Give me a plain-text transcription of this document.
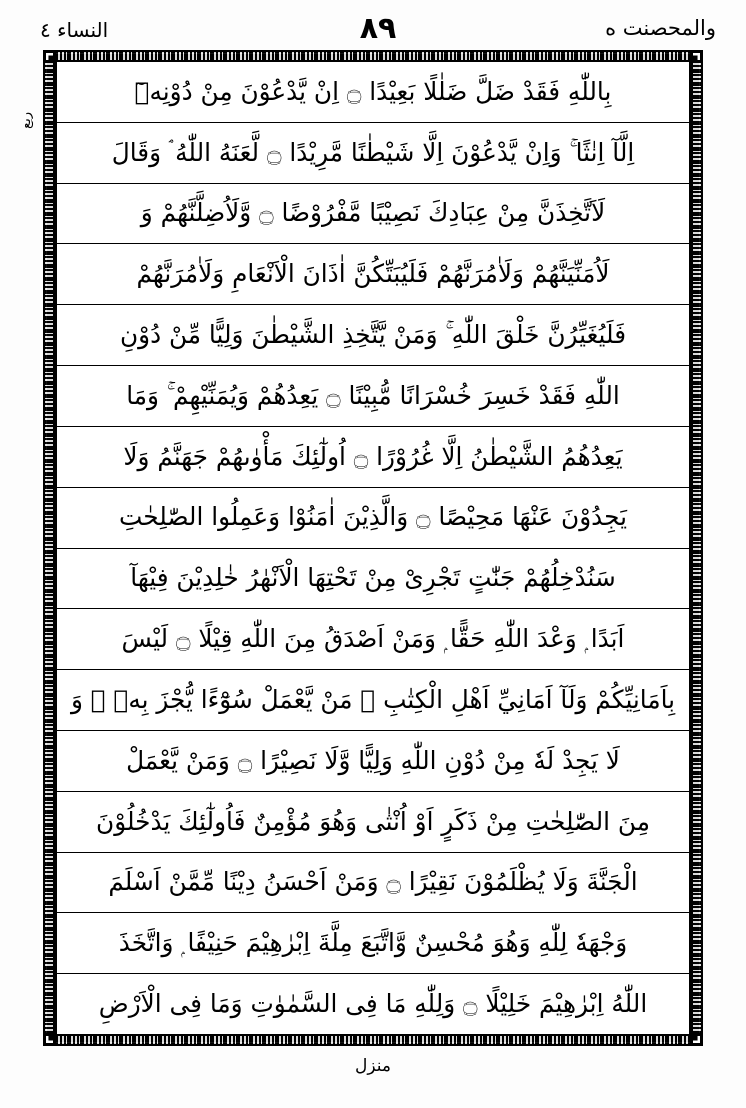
النساء ٤	٨٩	والمحصنت ه
ربع
بِاللّٰهِ فَقَدْ ضَلَّ ضَلٰلًا بَعِيْدًا ۝ اِنْ يَّدْعُوْنَ مِنْ دُوْنِهٖٓ
اِلَّآ اِنٰثًا ۚ وَاِنْ يَّدْعُوْنَ اِلَّا شَيْطٰنًا مَّرِيْدًا ۝ لَّعَنَهُ اللّٰهُ ۘ وَقَالَ
لَاَتَّخِذَنَّ مِنْ عِبَادِكَ نَصِيْبًا مَّفْرُوْضًا ۝ وَّلَاُضِلَّنَّهُمْ وَ
لَاُمَنِّيَنَّهُمْ وَلَاٰمُرَنَّهُمْ فَلَيُبَتِّكُنَّ اٰذَانَ الْاَنْعَامِ وَلَاٰمُرَنَّهُمْ
فَلَيُغَيِّرُنَّ خَلْقَ اللّٰهِ ۚ وَمَنْ يَّتَّخِذِ الشَّيْطٰنَ وَلِيًّا مِّنْ دُوْنِ
اللّٰهِ فَقَدْ خَسِرَ خُسْرَانًا مُّبِيْنًا ۝ يَعِدُهُمْ وَيُمَنِّيْهِمْ ۚ وَمَا
يَعِدُهُمُ الشَّيْطٰنُ اِلَّا غُرُوْرًا ۝ اُولٰٓئِكَ مَأْوٰىهُمْ جَهَنَّمُ وَلَا
يَجِدُوْنَ عَنْهَا مَحِيْصًا ۝ وَالَّذِيْنَ اٰمَنُوْا وَعَمِلُوا الصّٰلِحٰتِ
سَنُدْخِلُهُمْ جَنّٰتٍ تَجْرِىْ مِنْ تَحْتِهَا الْاَنْهٰرُ خٰلِدِيْنَ فِيْهَآ
اَبَدًا ۭ وَعْدَ اللّٰهِ حَقًّا ۭ وَمَنْ اَصْدَقُ مِنَ اللّٰهِ قِيْلًا ۝ لَيْسَ
بِاَمَانِيِّكُمْ وَلَآ اَمَانِيِّ اَهْلِ الْكِتٰبِ ۭ مَنْ يَّعْمَلْ سُوْٓءًا يُّجْزَ بِهٖ ۙ وَ
لَا يَجِدْ لَهٗ مِنْ دُوْنِ اللّٰهِ وَلِيًّا وَّلَا نَصِيْرًا ۝ وَمَنْ يَّعْمَلْ
مِنَ الصّٰلِحٰتِ مِنْ ذَكَرٍ اَوْ اُنْثٰى وَهُوَ مُؤْمِنٌ فَاُولٰٓئِكَ يَدْخُلُوْنَ
الْجَنَّةَ وَلَا يُظْلَمُوْنَ نَقِيْرًا ۝ وَمَنْ اَحْسَنُ دِيْنًا مِّمَّنْ اَسْلَمَ
وَجْهَهٗ لِلّٰهِ وَهُوَ مُحْسِنٌ وَّاتَّبَعَ مِلَّةَ اِبْرٰهِيْمَ حَنِيْفًا ۭ وَاتَّخَذَ
اللّٰهُ اِبْرٰهِيْمَ خَلِيْلًا ۝ وَلِلّٰهِ مَا فِى السَّمٰوٰتِ وَمَا فِى الْاَرْضِ
منزل
